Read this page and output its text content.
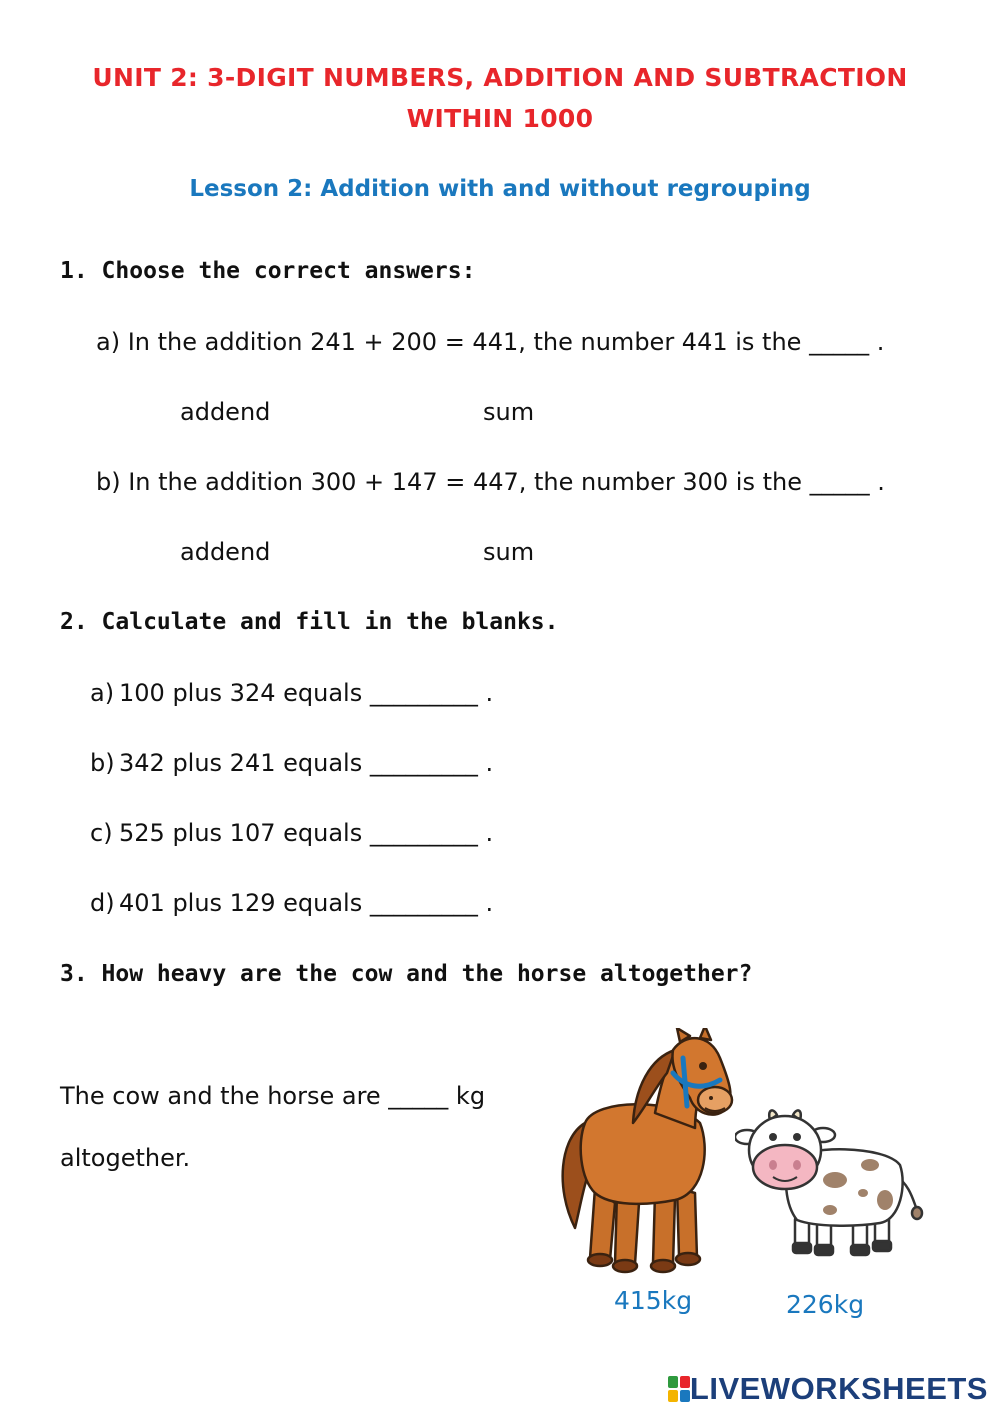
UNIT 2: 3-DIGIT NUMBERS, ADDITION AND SUBTRACTION
WITHIN 1000
Lesson 2: Addition with and without regrouping
1. Choose the correct answers:
a) In the addition 241 + 200 = 441, the number 441 is the _____ .
addend	sum
b) In the addition 300 + 147 = 447, the number 300 is the _____ .
addend	sum
2. Calculate and fill in the blanks.
a) 100 plus 324 equals _________ .
b) 342 plus 241 equals _________ .
c) 525 plus 107 equals _________ .
d) 401 plus 129 equals _________ .
3. How heavy are the cow and the horse altogether?
The cow and the horse are _____ kg
altogether.
415kg	226kg
LIVEWORKSHEETS
